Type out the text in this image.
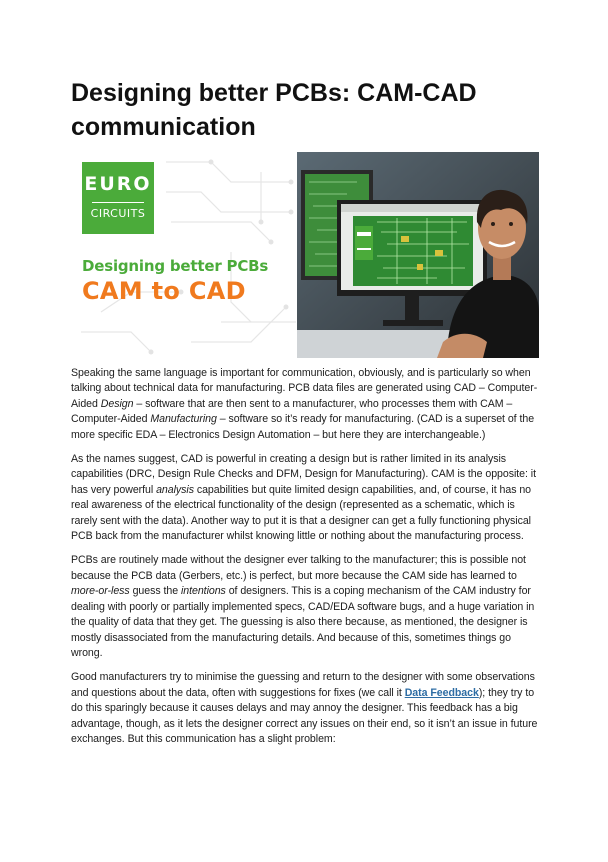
Designing better PCBs: CAM-CAD communication
EURO
CIRCUITS
Designing better PCBs
CAM to CAD

Speaking the same language is important for communication, obviously, and is particularly so when talking about technical data for manufacturing. PCB data files are generated using CAD – Computer-Aided Design – software that are then sent to a manufacturer, who processes them with CAM – Computer-Aided Manufacturing – software so it’s ready for manufacturing. (CAD is a superset of the more specific EDA – Electronics Design Automation – but here they are interchangeable.)

As the names suggest, CAD is powerful in creating a design but is rather limited in its analysis capabilities (DRC, Design Rule Checks and DFM, Design for Manufacturing). CAM is the opposite: it has very powerful analysis capabilities but quite limited design capabilities, and, of course, it has no real awareness of the electrical functionality of the design (represented as a schematic, which is rarely sent with the data). Another way to put it is that a designer can get a fully functioning physical PCB back from the manufacturer whilst knowing little or nothing about the manufacturing process.

PCBs are routinely made without the designer ever talking to the manufacturer; this is possible not because the PCB data (Gerbers, etc.) is perfect, but more because the CAM side has learned to more-or-less guess the intentions of designers. This is a coping mechanism of the CAM industry for dealing with poorly or partially implemented specs, CAD/EDA software bugs, and a huge variation in the quality of data that they get. The guessing is also there because, as mentioned, the designer is mostly disassociated from the manufacturing details. And because of this, sometimes things go wrong.

Good manufacturers try to minimise the guessing and return to the designer with some observations and questions about the data, often with suggestions for fixes (we call it Data Feedback); they try to do this sparingly because it causes delays and may annoy the designer. This feedback has a big advantage, though, as it lets the designer correct any issues on their end, so it isn’t an issue in future exchanges. But this communication has a slight problem:
